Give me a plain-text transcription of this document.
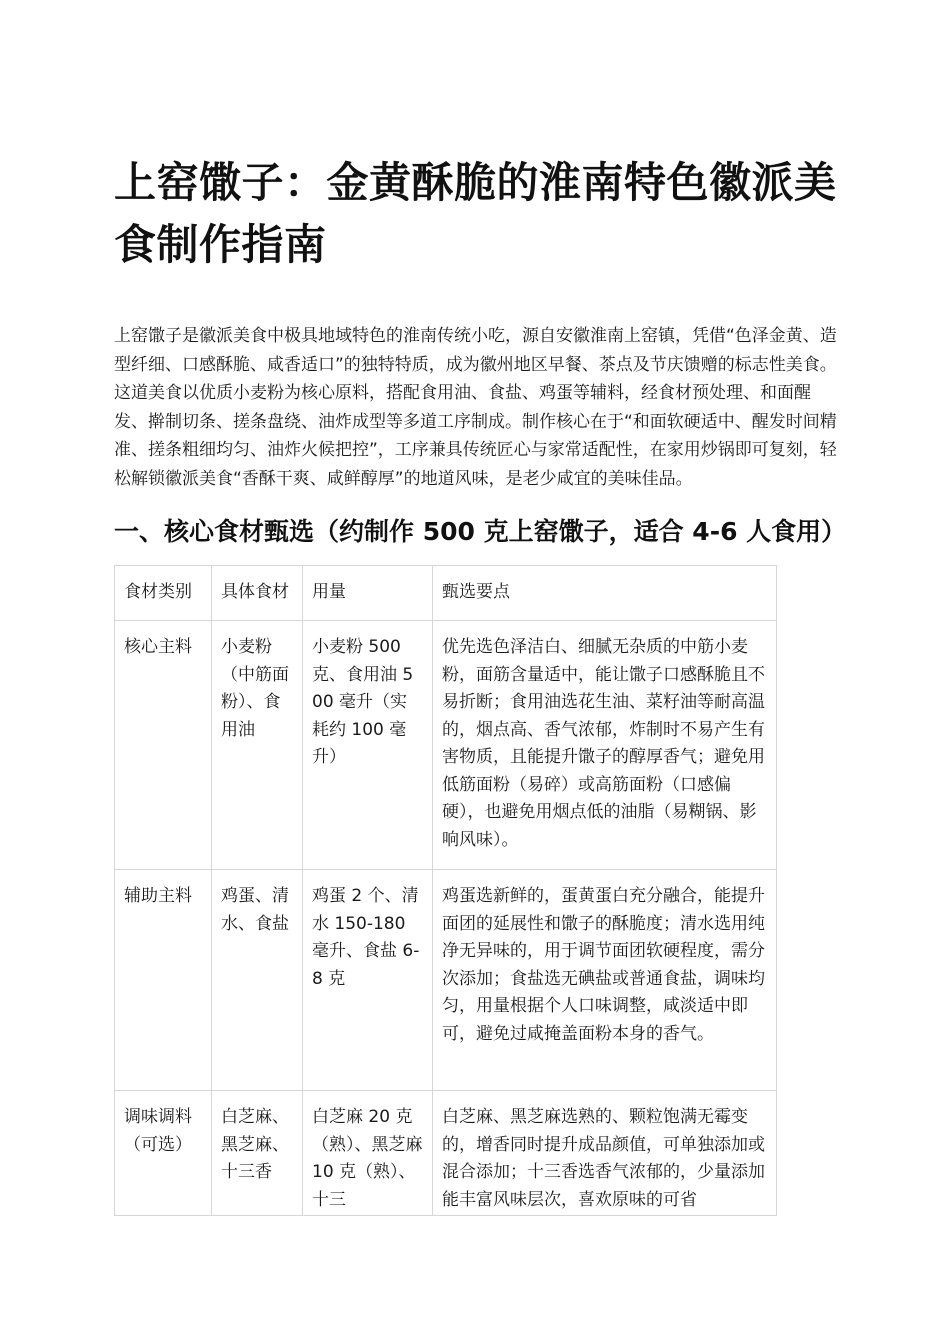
上窑馓子：金黄酥脆的淮南特色徽派美食制作指南

上窑馓子是徽派美食中极具地域特色的淮南传统小吃，源自安徽淮南上窑镇，凭借“色泽金黄、造型纤细、口感酥脆、咸香适口”的独特特质，成为徽州地区早餐、茶点及节庆馈赠的标志性美食。这道美食以优质小麦粉为核心原料，搭配食用油、食盐、鸡蛋等辅料，经食材预处理、和面醒发、擀制切条、搓条盘绕、油炸成型等多道工序制成。制作核心在于“和面软硬适中、醒发时间精准、搓条粗细均匀、油炸火候把控”，工序兼具传统匠心与家常适配性，在家用炒锅即可复刻，轻松解锁徽派美食“香酥干爽、咸鲜醇厚”的地道风味，是老少咸宜的美味佳品。

一、核心食材甄选（约制作 500 克上窑馓子，适合 4-6 人食用）
食材类别	具体食材	用量	甄选要点
核心主料	小麦粉（中筋面粉）、食用油	小麦粉 500 克、食用油 500 毫升（实耗约 100 毫升）	优先选色泽洁白、细腻无杂质的中筋小麦粉，面筋含量适中，能让馓子口感酥脆且不易折断；食用油选花生油、菜籽油等耐高温的，烟点高、香气浓郁，炸制时不易产生有害物质，且能提升馓子的醇厚香气；避免用低筋面粉（易碎）或高筋面粉（口感偏硬），也避免用烟点低的油脂（易糊锅、影响风味）。
辅助主料	鸡蛋、清水、食盐	鸡蛋 2 个、清水 150-180 毫升、食盐 6-8 克	鸡蛋选新鲜的，蛋黄蛋白充分融合，能提升面团的延展性和馓子的酥脆度；清水选用纯净无异味的，用于调节面团软硬程度，需分次添加；食盐选无碘盐或普通食盐，调味均匀，用量根据个人口味调整，咸淡适中即可，避免过咸掩盖面粉本身的香气。
调味调料（可选）	白芝麻、黑芝麻、十三香	白芝麻 20 克（熟）、黑芝麻 10 克（熟）、十三	白芝麻、黑芝麻选熟的、颗粒饱满无霉变的，增香同时提升成品颜值，可单独添加或混合添加；十三香选香气浓郁的，少量添加能丰富风味层次，喜欢原味的可省
